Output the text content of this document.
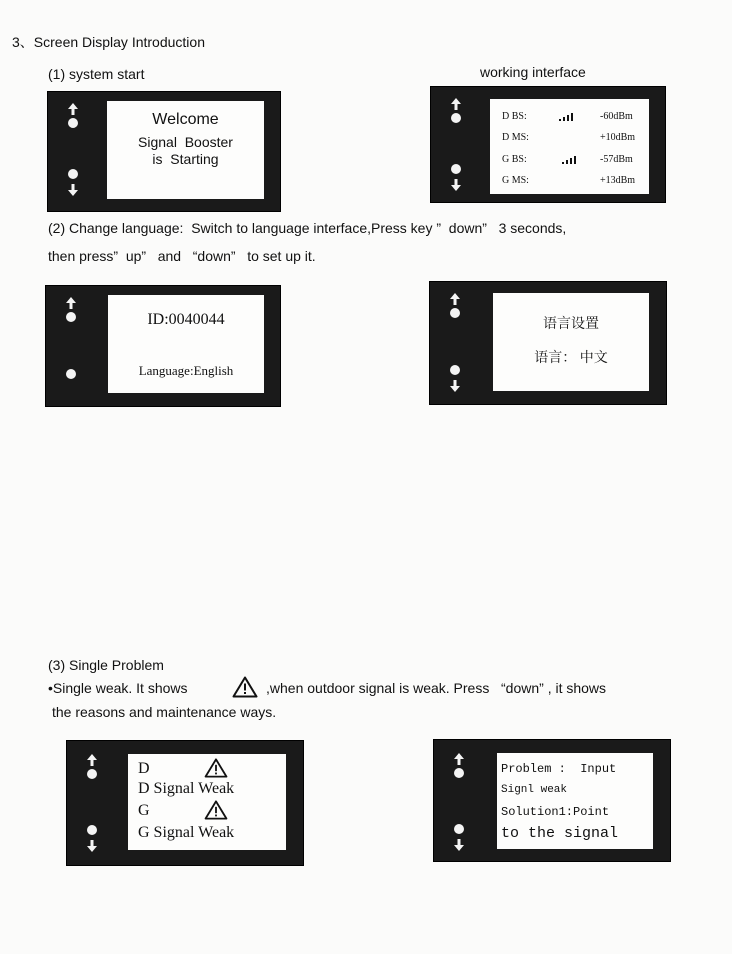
3、Screen Display Introduction
(1) system start	working interface
Welcome
Signal  Booster
is  Starting
D BS:	-60dBm
D MS:	+10dBm
G BS:	-57dBm
G MS:	+13dBm
(2) Change language:  Switch to language interface,Press key ”  down”   3 seconds,
then press”  up”   and   “down”   to set up it.
ID:0040044
Language:English
语言设置
语言： 中文
(3) Single Problem
•Single weak. It shows	,when outdoor signal is weak. Press   “down” , it shows
the reasons and maintenance ways.
D
D Signal Weak
G
G Signal Weak
Problem :  Input
Signl weak
Solution1:Point
to the signal
